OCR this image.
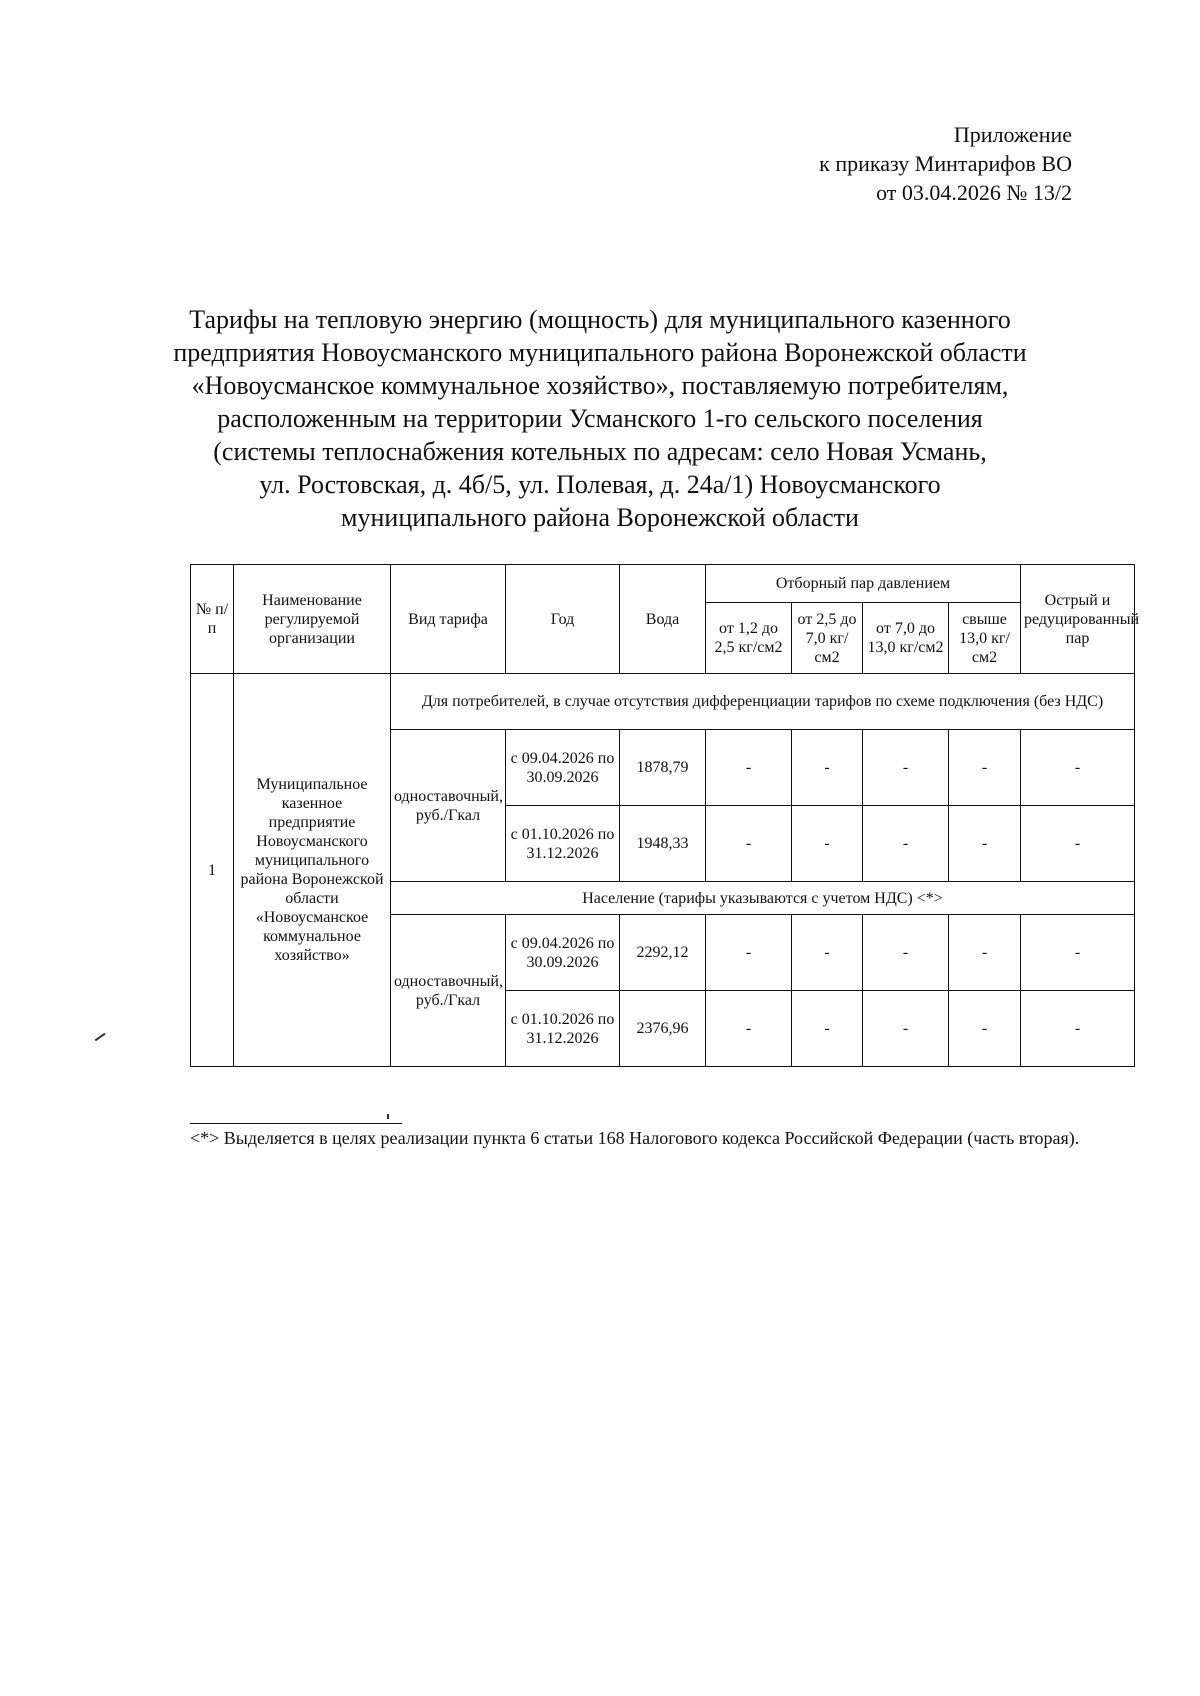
Приложение
к приказу Минтарифов ВО
от 03.04.2026 № 13/2
Тарифы на тепловую энергию (мощность) для муниципального казенного
предприятия Новоусманского муниципального района Воронежской области
«Новоусманское коммунальное хозяйство», поставляемую потребителям,
расположенным на территории Усманского 1-го сельского поселения
(системы теплоснабжения котельных по адресам: село Новая Усмань,
ул. Ростовская, д. 4б/5, ул. Полевая, д. 24а/1) Новоусманского
муниципального района Воронежской области
№ п/п	Наименование регулируемой организации	Вид тарифа	Год	Вода	Отборный пар давлением				Острый и редуцированный пар
					от 1,2 до 2,5 кг/см2	от 2,5 до 7,0 кг/см2	от 7,0 до 13,0 кг/см2	свыше 13,0 кг/см2	
1	Муниципальное казенное предприятие Новоусманского муниципального района Воронежской области «Новоусманское коммунальное хозяйство»	Для потребителей, в случае отсутствия дифференциации тарифов по схеме подключения (без НДС)							
		одноставочный, руб./Гкал	с 09.04.2026 по 30.09.2026	1878,79	-	-	-	-	-
			с 01.10.2026 по 31.12.2026	1948,33	-	-	-	-	-
		Население (тарифы указываются с учетом НДС) <*>							
		одноставочный, руб./Гкал	с 09.04.2026 по 30.09.2026	2292,12	-	-	-	-	-
			с 01.10.2026 по 31.12.2026	2376,96	-	-	-	-	-
<*> Выделяется в целях реализации пункта 6 статьи 168 Налогового кодекса Российской Федерации (часть вторая).
